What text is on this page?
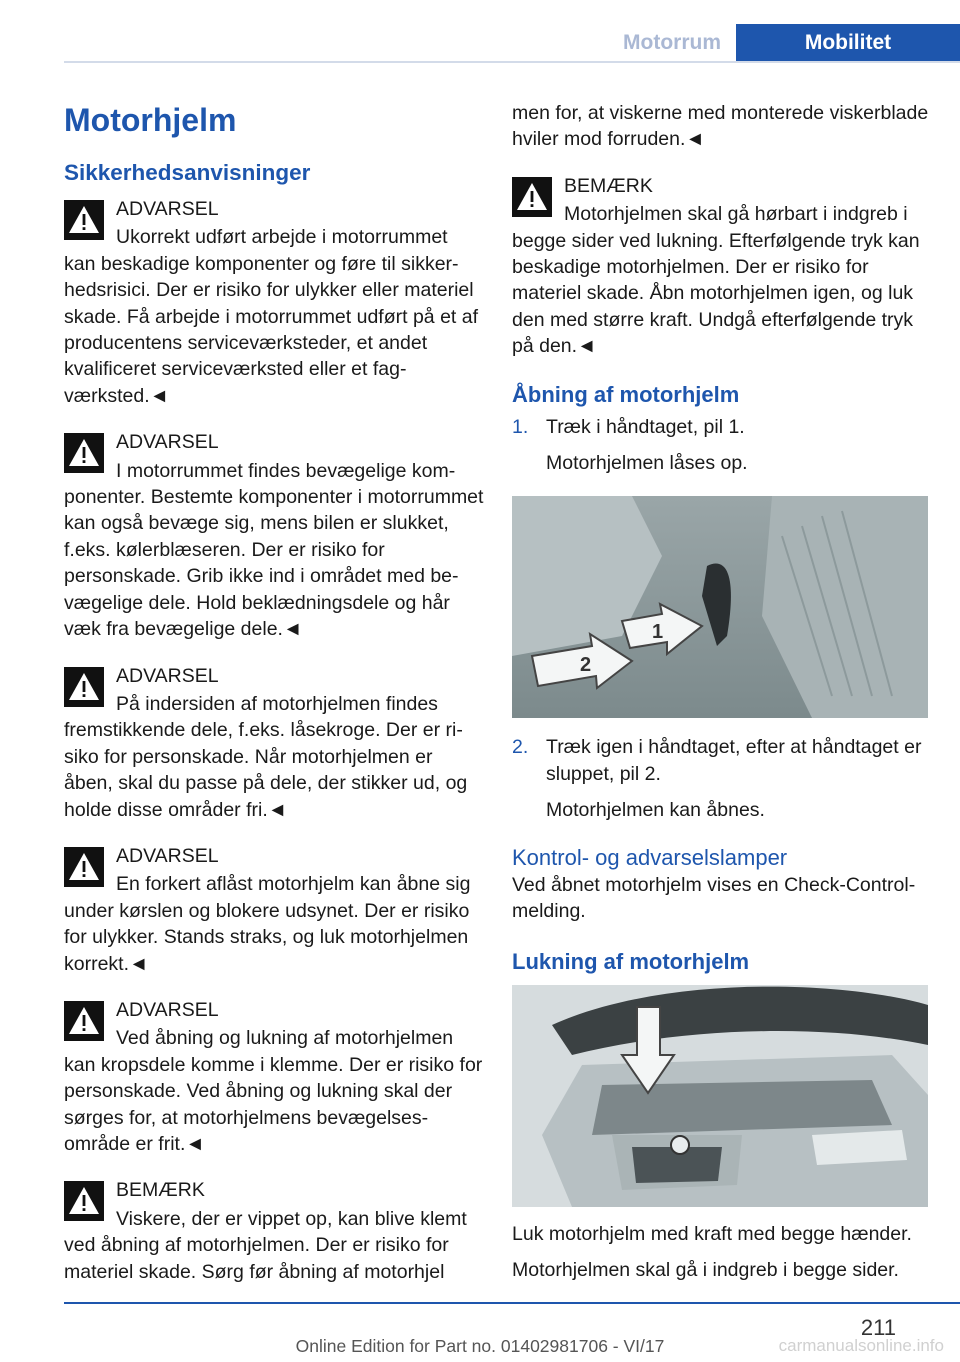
Motorrum	Mobilitet
Motorhjelm
Sikkerhedsanvisninger
ADVARSEL
Ukorrekt udført arbejde i motorrummet kan beskadige komponenter og føre til sikkerhedsrisici. Der er risiko for ulykker eller materiel skade. Få arbejde i motorrummet udført på et af producentens serviceværksteder, et andet kvalificeret serviceværksted eller et fagværksted.◄
ADVARSEL
I motorrummet findes bevægelige komponenter. Bestemte komponenter i motorrummet kan også bevæge sig, mens bilen er slukket, f.eks. kølerblæseren. Der er risiko for personskade. Grib ikke ind i området med bevægelige dele. Hold beklædningsdele og hår væk fra bevægelige dele.◄
ADVARSEL
På indersiden af motorhjelmen findes fremstikkende dele, f.eks. låsekroge. Der er risiko for personskade. Når motorhjelmen er åben, skal du passe på dele, der stikker ud, og holde disse områder fri.◄
ADVARSEL
En forkert aflåst motorhjelm kan åbne sig under kørslen og blokere udsynet. Der er risiko for ulykker. Stands straks, og luk motorhjelmen korrekt.◄
ADVARSEL
Ved åbning og lukning af motorhjelmen kan kropsdele komme i klemme. Der er risiko for personskade. Ved åbning og lukning skal der sørges for, at motorhjelmens bevægelsesområde er frit.◄
BEMÆRK
Viskere, der er vippet op, kan blive klemt ved åbning af motorhjelmen. Der er risiko for materiel skade. Sørg før åbning af motorhjel
men for, at viskerne med monterede viskerblade hviler mod forruden.◄
BEMÆRK
Motorhjelmen skal gå hørbart i indgreb i begge sider ved lukning. Efterfølgende tryk kan beskadige motorhjelmen. Der er risiko for materiel skade. Åbn motorhjelmen igen, og luk den med større kraft. Undgå efterfølgende tryk på den.◄
Åbning af motorhjelm
1. Træk i håndtaget, pil 1.
Motorhjelmen låses op.
1
2
2. Træk igen i håndtaget, efter at håndtaget er sluppet, pil 2.
Motorhjelmen kan åbnes.
Kontrol- og advarselslamper
Ved åbnet motorhjelm vises en Check-Control-melding.
Lukning af motorhjelm
Luk motorhjelm med kraft med begge hænder.
Motorhjelmen skal gå i indgreb i begge sider.
211
Online Edition for Part no. 01402981706 - VI/17	carmanualsonline.info
